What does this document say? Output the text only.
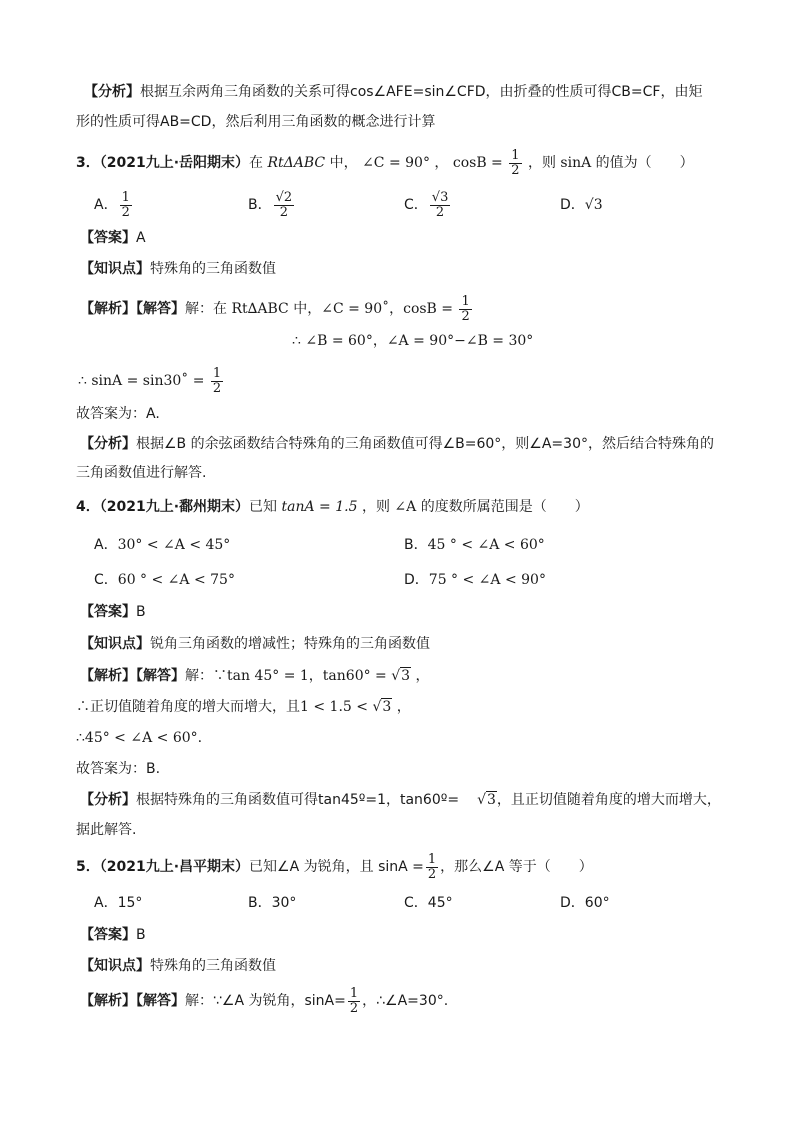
【分析】根据互余两角三角函数的关系可得cos∠AFE=sin∠CFD，由折叠的性质可得CB=CF，由矩
形的性质可得AB=CD，然后利用三角函数的概念进行计算
3．（2021九上·岳阳期末）在 RtΔABC 中， ∠C = 90° ， $\cos B = \frac{1}{2}$ ，则 sinA 的值为（　　）
A． $\frac{1}{2}$	B． $\frac{√2}{2}$	C． $\frac{√3}{2}$	D．√3
【答案】A
【知识点】特殊角的三角函数值
【解析】【解答】解：在 Rt∆ABC 中，∠C = 90˚，$\cos B = \frac{1}{2}$
∴ ∠B = 60°，∠A = 90°−∠B = 30°
∴ sinA = sin30˚ = $\frac{1}{2}$
故答案为：A.
【分析】根据∠B 的余弦函数结合特殊角的三角函数值可得∠B=60°，则∠A=30°，然后结合特殊角的
三角函数值进行解答.
4．（2021九上·鄱州期末）已知 tanA = 1.5 ，则 ∠A 的度数所属范围是（　　）
A．30° < ∠A < 45°	B．45 ° < ∠A < 60°
C．60 ° < ∠A < 75°	D．75 ° < ∠A < 90°
【答案】B
【知识点】锐角三角函数的增减性；特殊角的三角函数值
【解析】【解答】解：∵tan 45° = 1，tan60° = √3 ，
∴正切值随着角度的增大而增大，且1 < 1.5 < √3 ，
∴45° < ∠A < 60°.
故答案为：B.
【分析】根据特殊角的三角函数值可得tan45º=1，tan60º= √3，且正切值随着角度的增大而增大，
据此解答.
5．（2021九上·昌平期末）已知∠A 为锐角，且 $\sin A = \frac{1}{2}$ ，那么∠A 等于（　　）
A．15°	B．30°	C．45°	D．60°
【答案】B
【知识点】特殊角的三角函数值
【解析】【解答】解：∵∠A 为锐角，$\sin A= \frac{1}{2}$ ，∴∠A=30°.
